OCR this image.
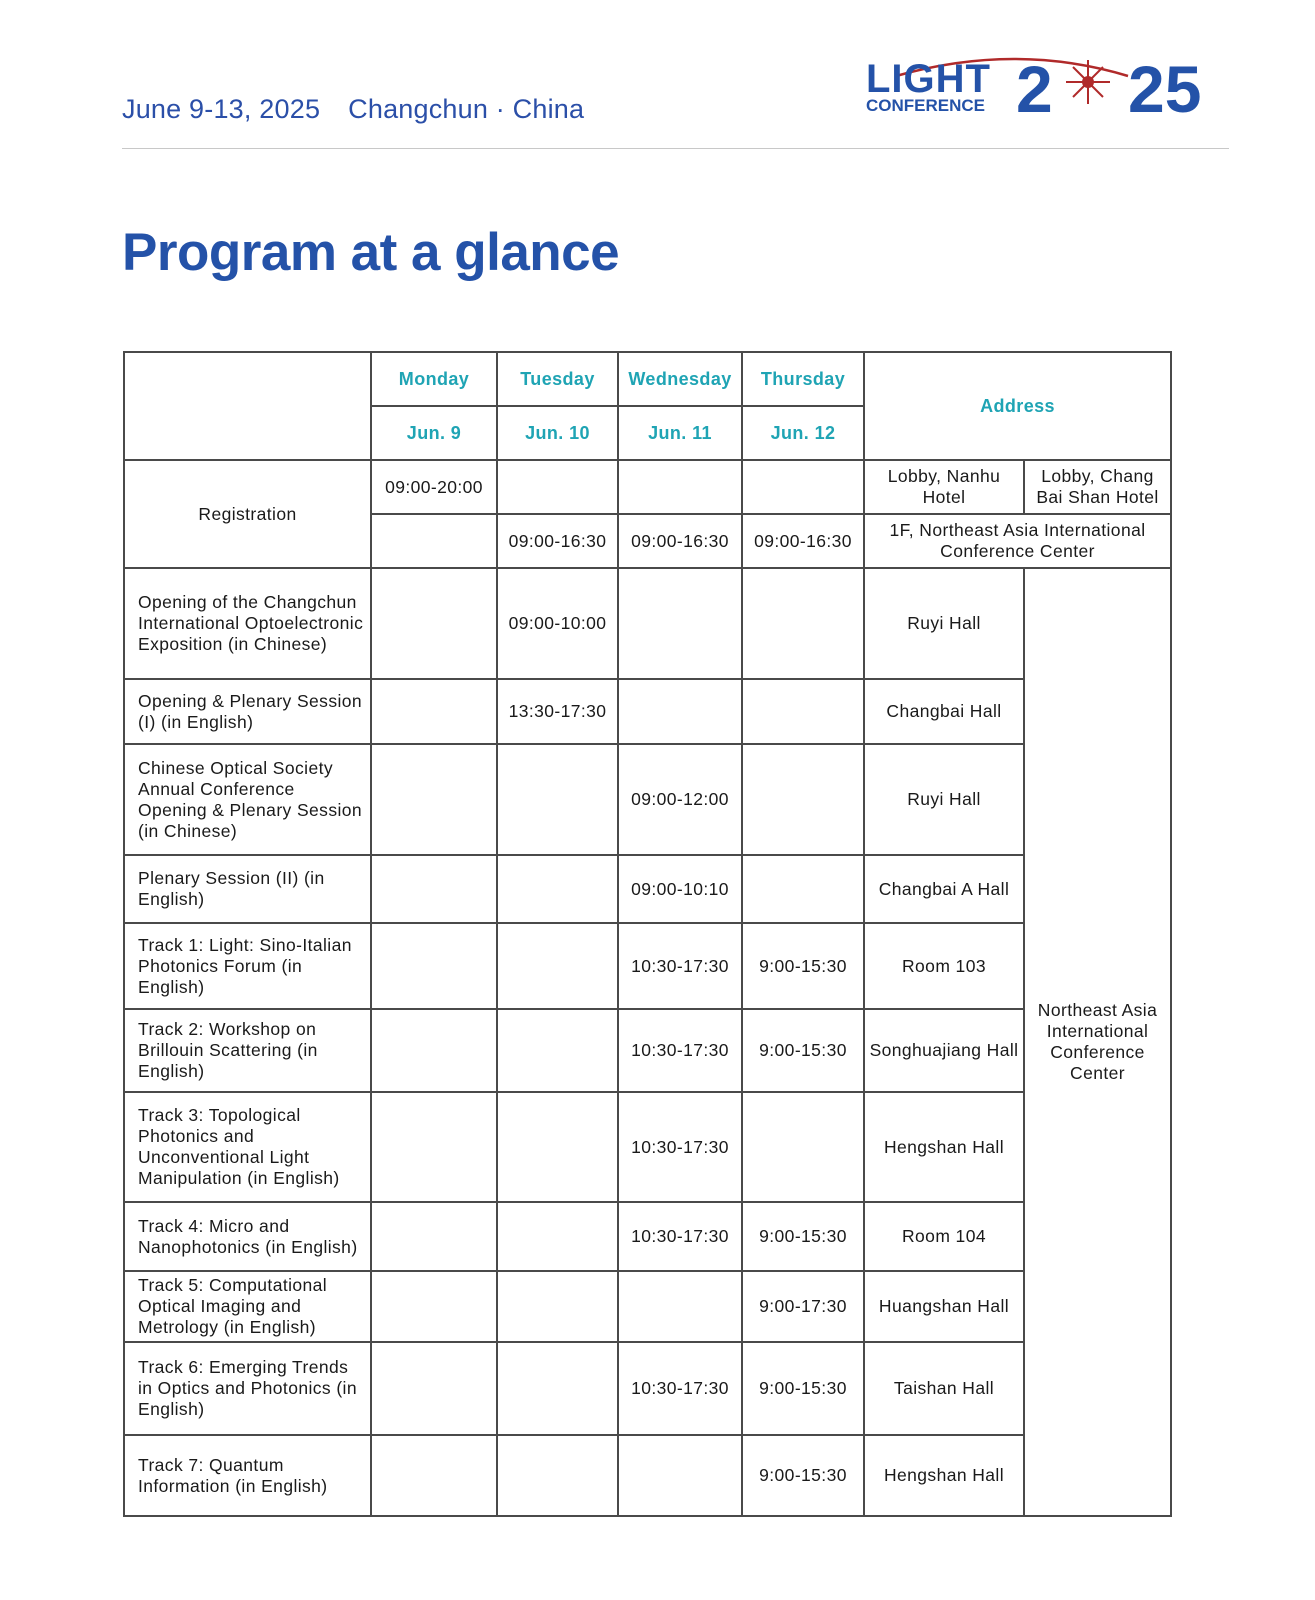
June 9-13, 2025 Changchun · China
LIGHT
CONFERENCE 2 25
Program at a glance
	Monday	Tuesday	Wednesday	Thursday	Address	
	Jun. 9	Jun. 10	Jun. 11	Jun. 12		
Registration	09:00-20:00				Lobby, Nanhu Hotel	Lobby, Chang Bai Shan Hotel
		09:00-16:30	09:00-16:30	09:00-16:30	1F, Northeast Asia International Conference Center	
Opening of the Changchun International Optoelectronic Exposition (in Chinese)		09:00-10:00			Ruyi Hall	Northeast Asia International Conference Center
Opening & Plenary Session (I) (in English)		13:30-17:30			Changbai Hall	
Chinese Optical Society Annual Conference Opening & Plenary Session (in Chinese)			09:00-12:00		Ruyi Hall	
Plenary Session (II) (in English)			09:00-10:10		Changbai A Hall	
Track 1: Light: Sino-Italian Photonics Forum (in English)			10:30-17:30	9:00-15:30	Room 103	
Track 2: Workshop on Brillouin Scattering (in English)			10:30-17:30	9:00-15:30	Songhuajiang Hall	
Track 3: Topological Photonics and Unconventional Light Manipulation (in English)			10:30-17:30		Hengshan Hall	
Track 4: Micro and Nanophotonics (in English)			10:30-17:30	9:00-15:30	Room 104	
Track 5: Computational Optical Imaging and Metrology (in English)				9:00-17:30	Huangshan Hall	
Track 6: Emerging Trends in Optics and Photonics (in English)			10:30-17:30	9:00-15:30	Taishan Hall	
Track 7: Quantum Information (in English)				9:00-15:30	Hengshan Hall	
